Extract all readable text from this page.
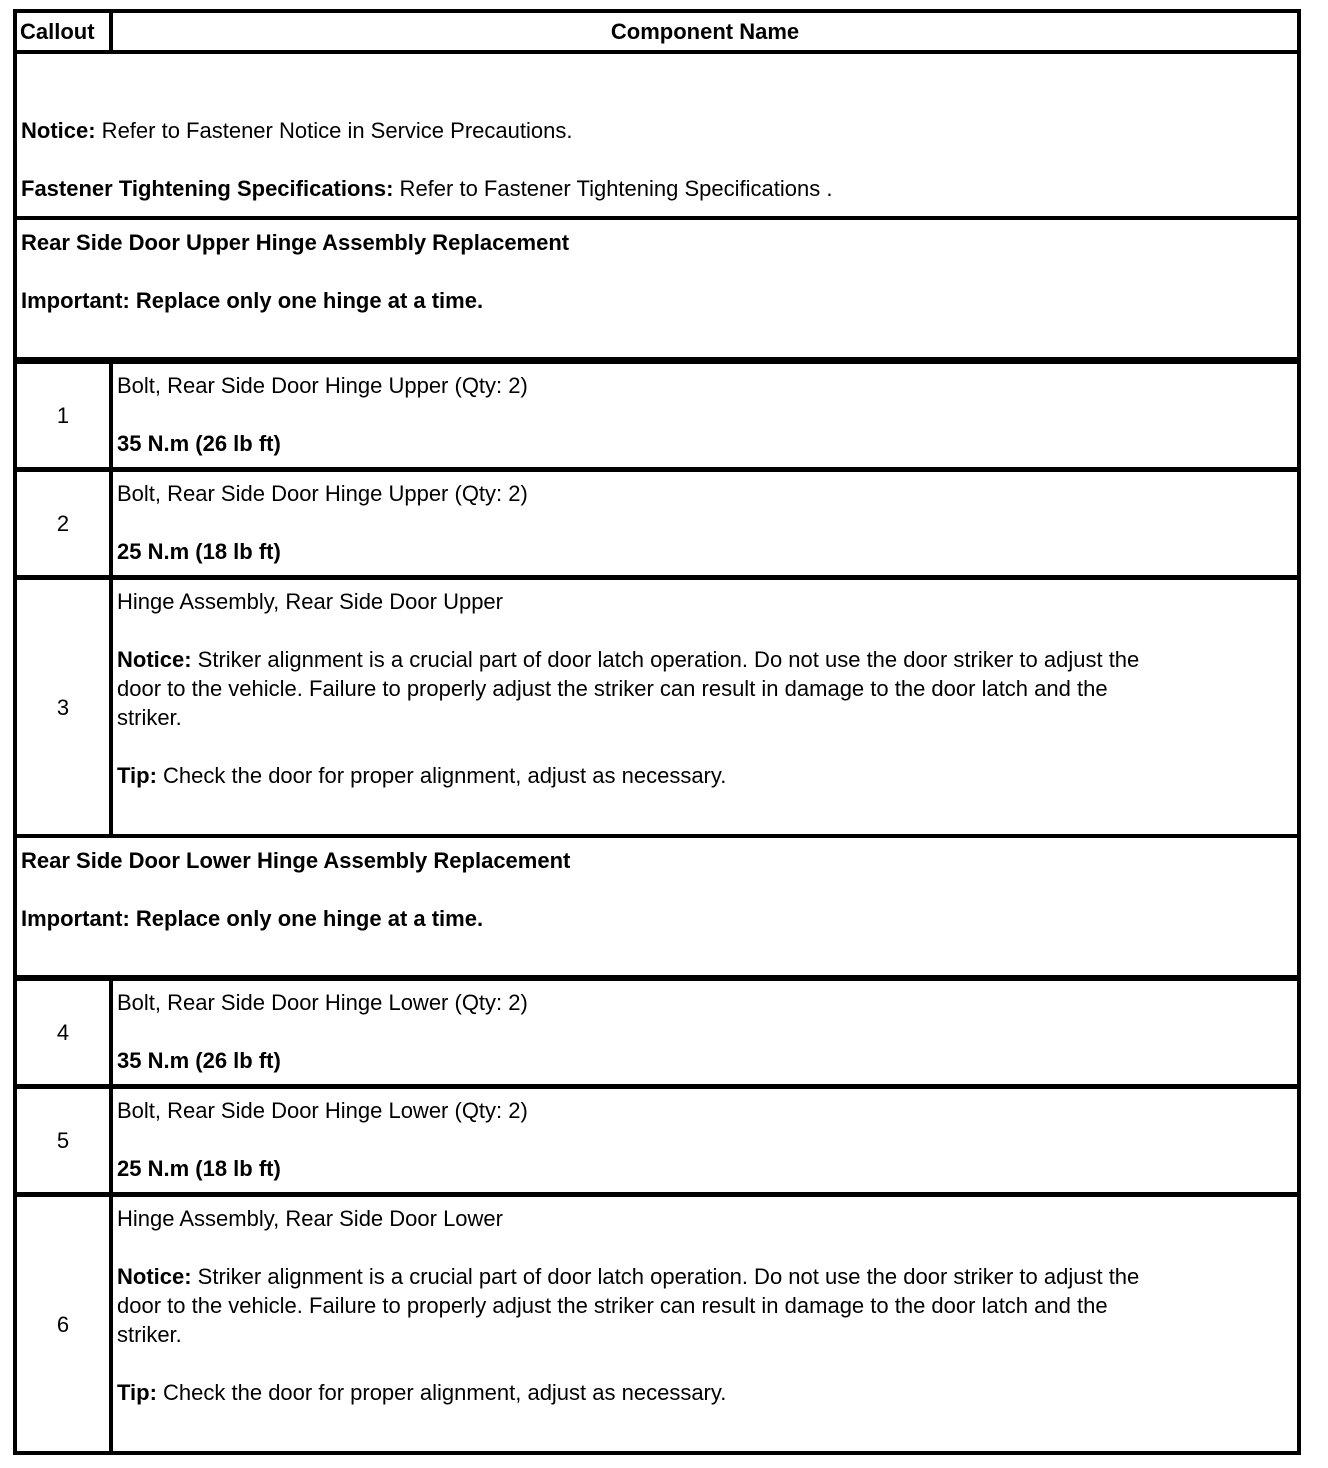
Callout	Component Name
Notice: Refer to Fastener Notice in Service Precautions.
Fastener Tightening Specifications: Refer to Fastener Tightening Specifications .
Rear Side Door Upper Hinge Assembly Replacement
Important: Replace only one hinge at a time.
1
Bolt, Rear Side Door Hinge Upper (Qty: 2)
35 N.m (26 lb ft)
2
Bolt, Rear Side Door Hinge Upper (Qty: 2)
25 N.m (18 lb ft)
3
Hinge Assembly, Rear Side Door Upper
Notice: Striker alignment is a crucial part of door latch operation. Do not use the door striker to adjust the
door to the vehicle. Failure to properly adjust the striker can result in damage to the door latch and the
striker.
Tip: Check the door for proper alignment, adjust as necessary.
Rear Side Door Lower Hinge Assembly Replacement
Important: Replace only one hinge at a time.
4
Bolt, Rear Side Door Hinge Lower (Qty: 2)
35 N.m (26 lb ft)
5
Bolt, Rear Side Door Hinge Lower (Qty: 2)
25 N.m (18 lb ft)
6
Hinge Assembly, Rear Side Door Lower
Notice: Striker alignment is a crucial part of door latch operation. Do not use the door striker to adjust the
door to the vehicle. Failure to properly adjust the striker can result in damage to the door latch and the
striker.
Tip: Check the door for proper alignment, adjust as necessary.
